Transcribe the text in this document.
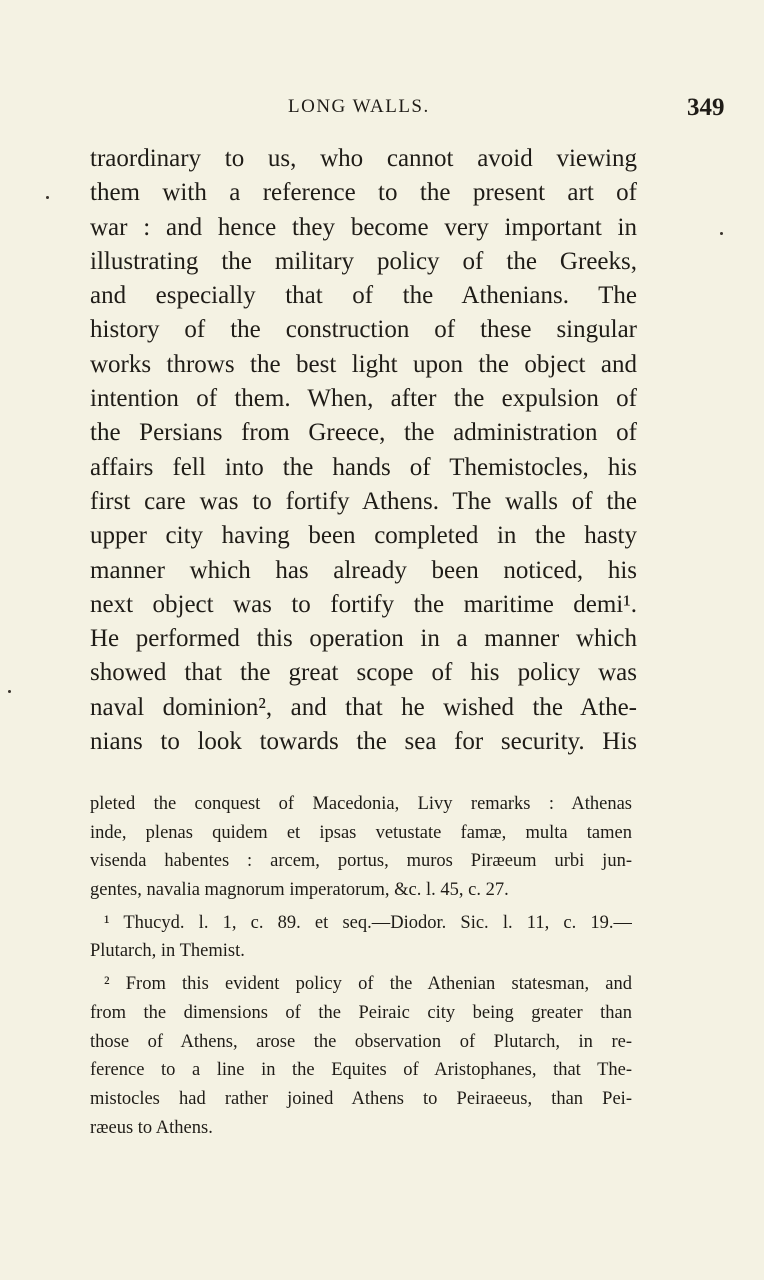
LONG WALLS.	349
traordinary to us, who cannot avoid viewing
them with a reference to the present art of
war : and hence they become very important in
illustrating the military policy of the Greeks,
and especially that of the Athenians. The
history of the construction of these singular
works throws the best light upon the object and
intention of them. When, after the expulsion of
the Persians from Greece, the administration of
affairs fell into the hands of Themistocles, his
first care was to fortify Athens. The walls of the
upper city having been completed in the hasty
manner which has already been noticed, his
next object was to fortify the maritime demi¹.
He performed this operation in a manner which
showed that the great scope of his policy was
naval dominion², and that he wished the Athe-
nians to look towards the sea for security. His
pleted the conquest of Macedonia, Livy remarks : Athenas
inde, plenas quidem et ipsas vetustate famæ, multa tamen
visenda habentes : arcem, portus, muros Piræeum urbi jun-
gentes, navalia magnorum imperatorum, &c. l. 45, c. 27.
¹ Thucyd. l. 1, c. 89. et seq.—Diodor. Sic. l. 11, c. 19.—
Plutarch, in Themist.
² From this evident policy of the Athenian statesman, and
from the dimensions of the Peiraic city being greater than
those of Athens, arose the observation of Plutarch, in re-
ference to a line in the Equites of Aristophanes, that The-
mistocles had rather joined Athens to Peiraeeus, than Pei-
ræeus to Athens.
